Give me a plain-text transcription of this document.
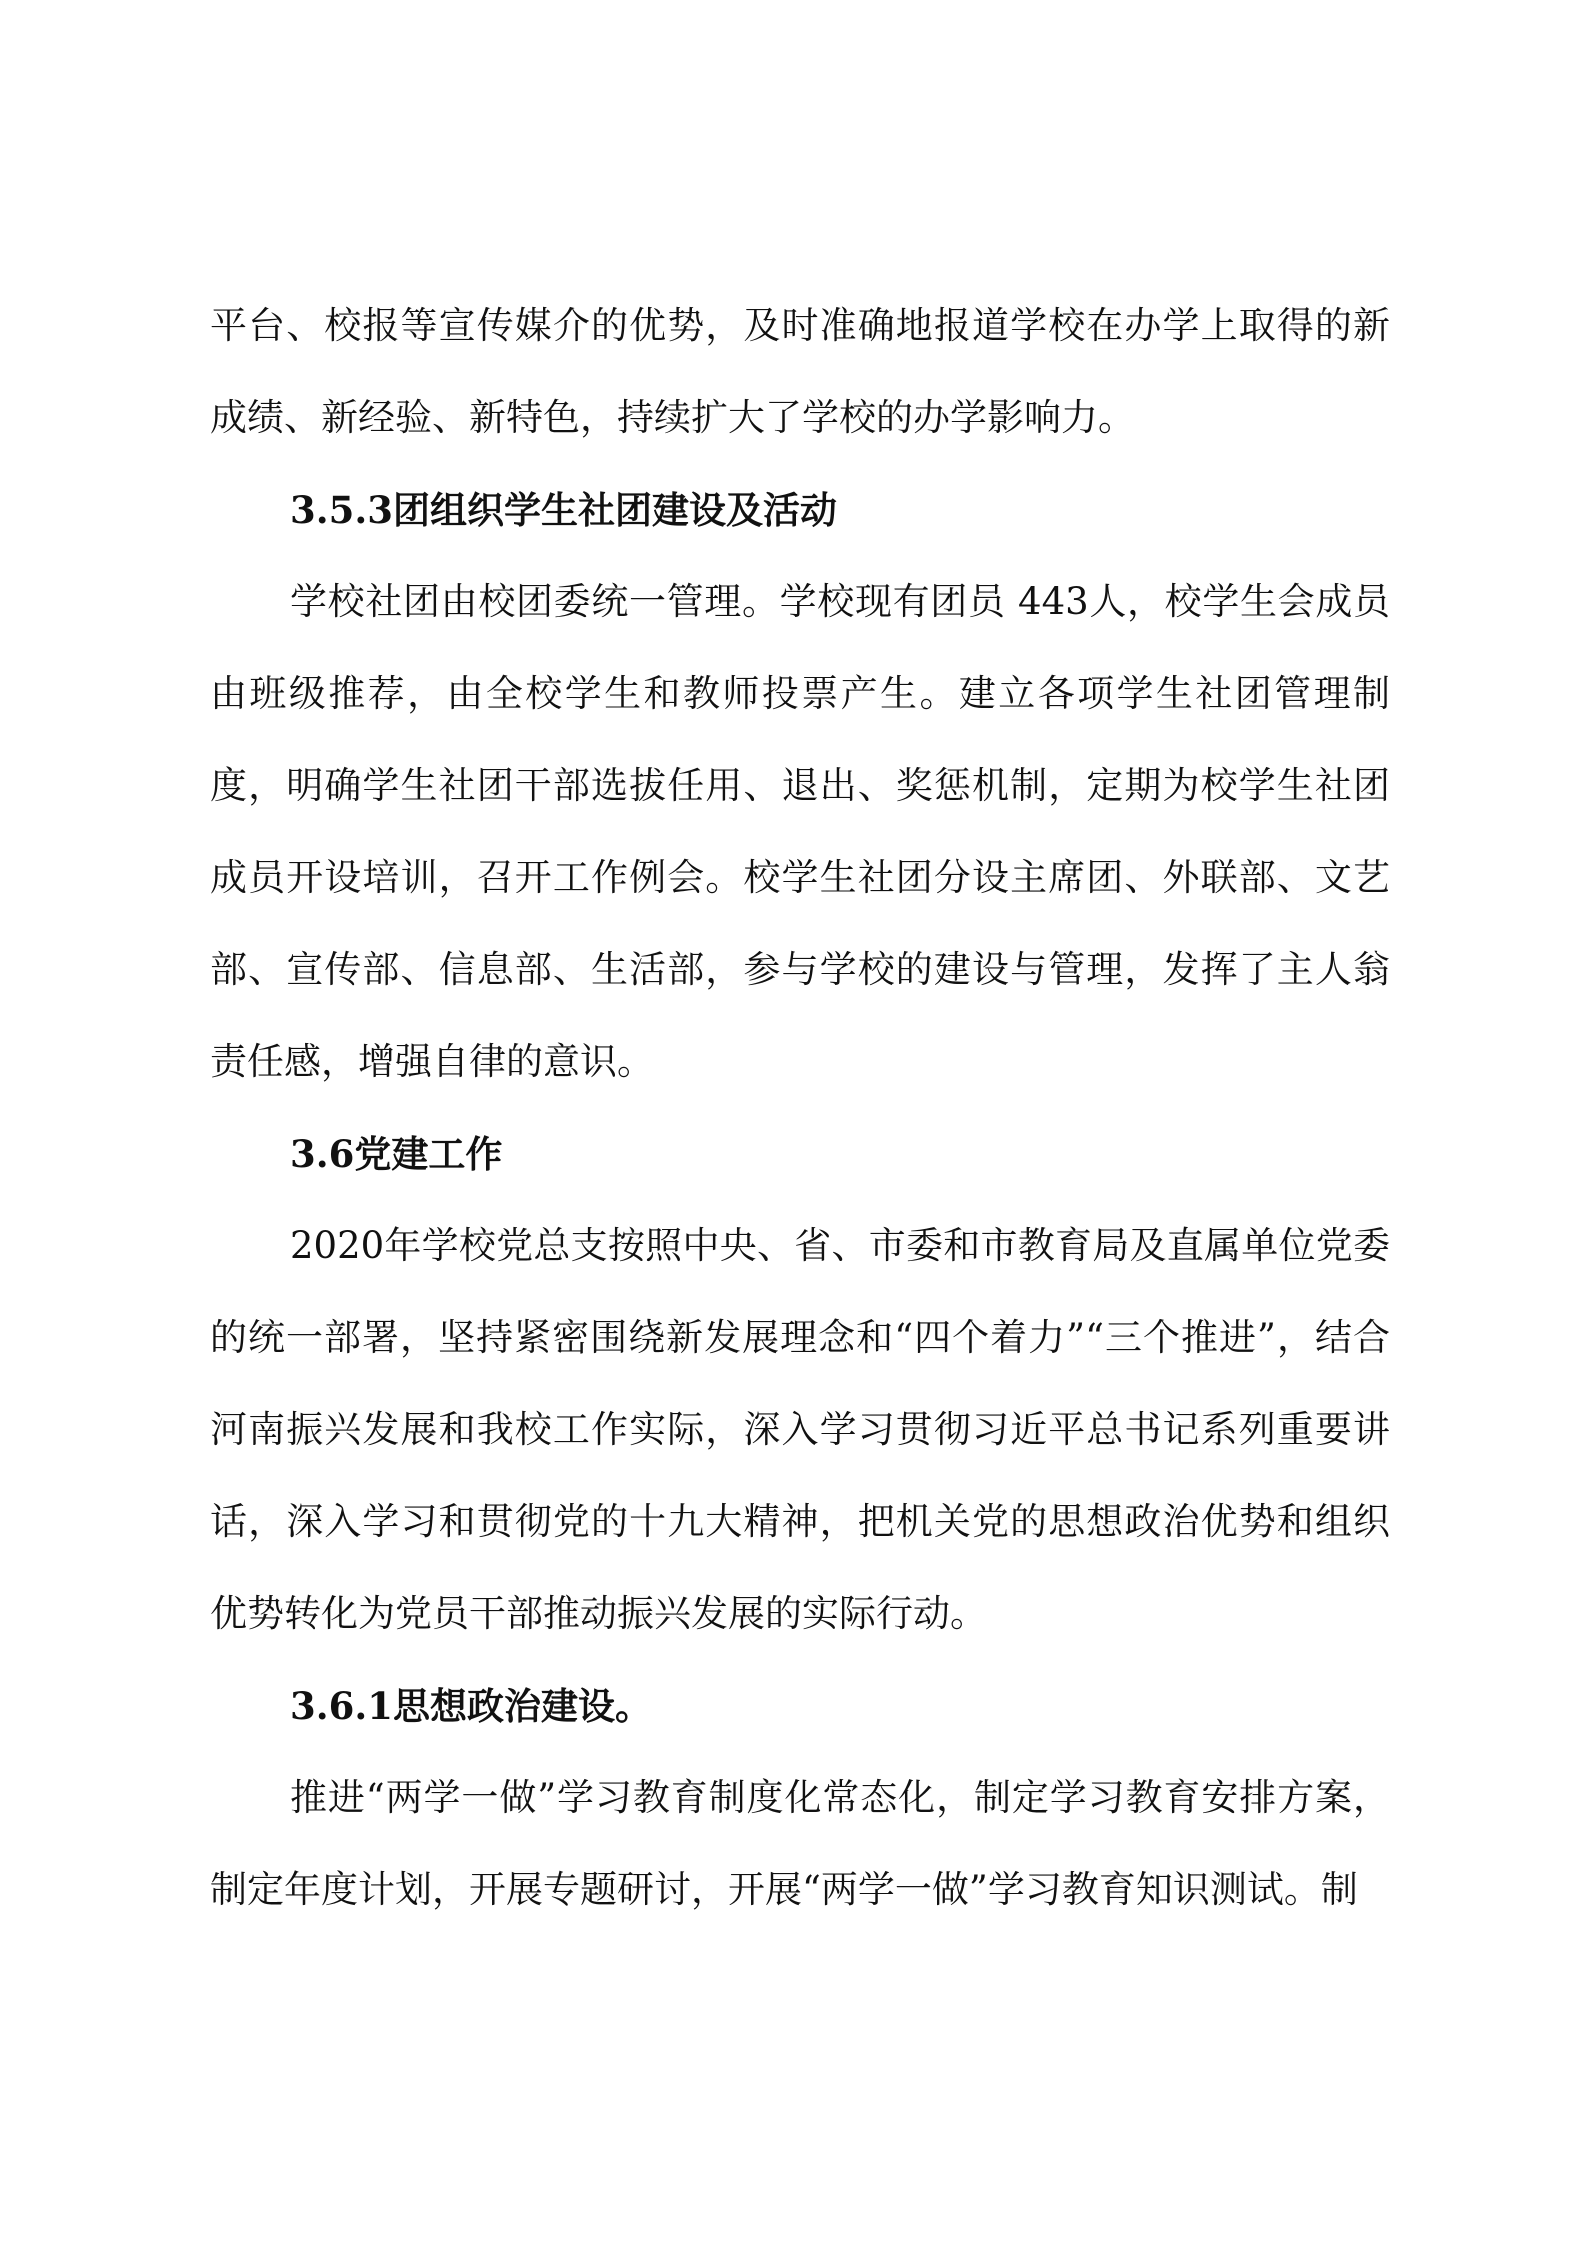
平台、校报等宣传媒介的优势，及时准确地报道学校在办学上取得的新成绩、新经验、新特色，持续扩大了学校的办学影响力。

3.5.3团组织学生社团建设及活动

学校社团由校团委统一管理。学校现有团员 443人，校学生会成员由班级推荐，由全校学生和教师投票产生。建立各项学生社团管理制度，明确学生社团干部选拔任用、退出、奖惩机制，定期为校学生社团成员开设培训，召开工作例会。校学生社团分设主席团、外联部、文艺部、宣传部、信息部、生活部，参与学校的建设与管理，发挥了主人翁责任感，增强自律的意识。

3.6党建工作

2020年学校党总支按照中央、省、市委和市教育局及直属单位党委的统一部署，坚持紧密围绕新发展理念和“四个着力”“三个推进”，结合河南振兴发展和我校工作实际，深入学习贯彻习近平总书记系列重要讲话，深入学习和贯彻党的十九大精神，把机关党的思想政治优势和组织优势转化为党员干部推动振兴发展的实际行动。

3.6.1思想政治建设。

推进“两学一做”学习教育制度化常态化，制定学习教育安排方案，制定年度计划，开展专题研讨，开展“两学一做”学习教育知识测试。制
